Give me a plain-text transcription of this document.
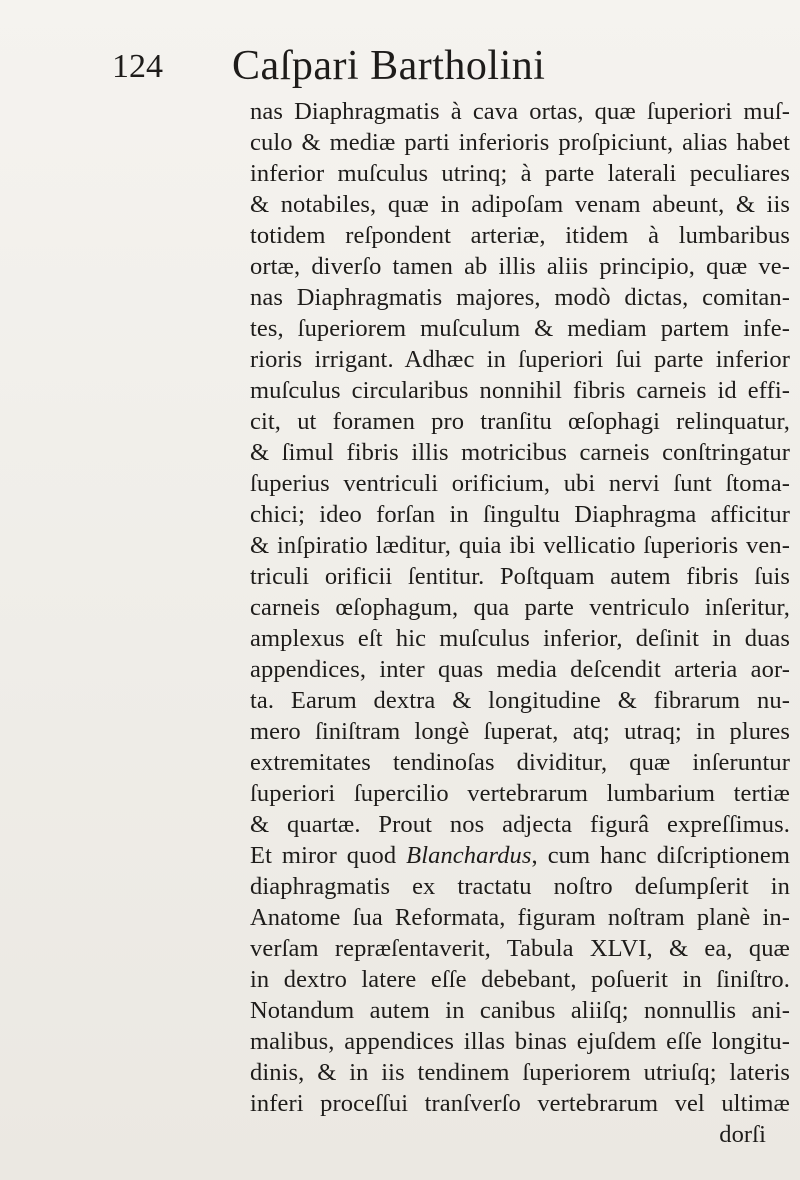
124 Caſpari Bartholini
nas Diaphragmatis à cava ortas, quæ ſuperiori muſ-
culo & mediæ parti inferioris proſpiciunt, alias habet
inferior muſculus utrinq; à parte laterali peculiares
& notabiles, quæ in adipoſam venam abeunt, & iis
totidem reſpondent arteriæ, itidem à lumbaribus
ortæ, diverſo tamen ab illis aliis principio, quæ ve-
nas Diaphragmatis majores, modò dictas, comitan-
tes, ſuperiorem muſculum & mediam partem infe-
rioris irrigant. Adhæc in ſuperiori ſui parte inferior
muſculus circularibus nonnihil fibris carneis id effi-
cit, ut foramen pro tranſitu œſophagi relinquatur,
& ſimul fibris illis motricibus carneis conſtringatur
ſuperius ventriculi orificium, ubi nervi ſunt ſtoma-
chici; ideo forſan in ſingultu Diaphragma afficitur
& inſpiratio læditur, quia ibi vellicatio ſuperioris ven-
triculi orificii ſentitur. Poſtquam autem fibris ſuis
carneis œſophagum, qua parte ventriculo inſeritur,
amplexus eſt hic muſculus inferior, deſinit in duas
appendices, inter quas media deſcendit arteria aor-
ta. Earum dextra & longitudine & fibrarum nu-
mero ſiniſtram longè ſuperat, atq; utraq; in plures
extremitates tendinoſas dividitur, quæ inſeruntur
ſuperiori ſupercilio vertebrarum lumbarium tertiæ
& quartæ. Prout nos adjecta figurâ expreſſimus.
Et miror quod Blanchardus, cum hanc diſcriptionem
diaphragmatis ex tractatu noſtro deſumpſerit in
Anatome ſua Reformata, figuram noſtram planè in-
verſam repræſentaverit, Tabula XLVI, & ea, quæ
in dextro latere eſſe debebant, poſuerit in ſiniſtro.
Notandum autem in canibus aliiſq; nonnullis ani-
malibus, appendices illas binas ejuſdem eſſe longitu-
dinis, & in iis tendinem ſuperiorem utriuſq; lateris
inferi proceſſui tranſverſo vertebrarum vel ultimæ
dorſi
